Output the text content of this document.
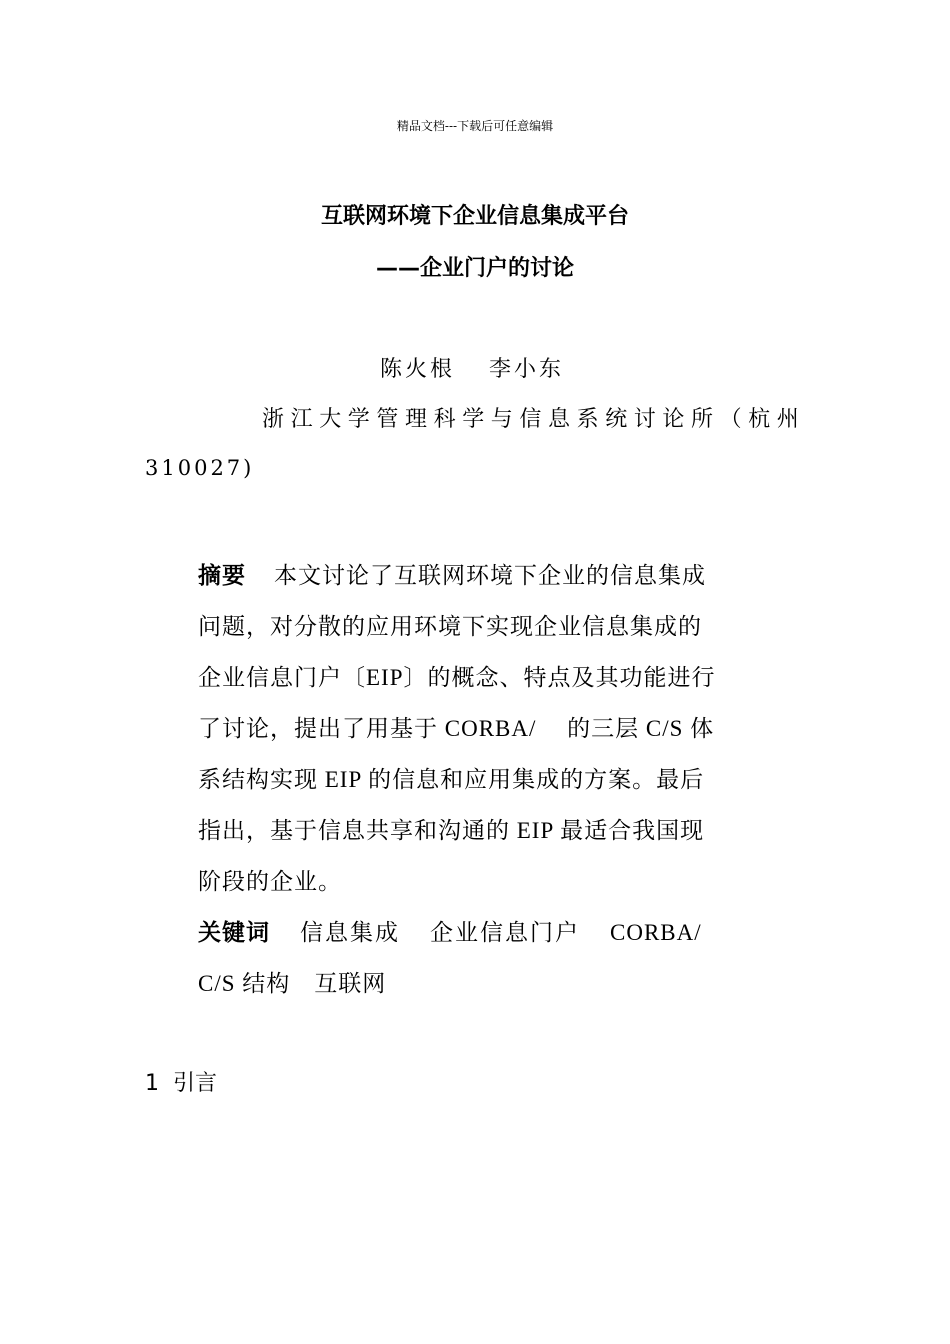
精品文档---下载后可任意编辑
互联网环境下企业信息集成平台
——企业门户的讨论
陈火根 李小东
浙江大学管理科学与信息系统讨论所（杭州
310027)
摘要 本文讨论了互联网环境下企业的信息集成
问题，对分散的应用环境下实现企业信息集成的
企业信息门户〔EIP〕的概念、特点及其功能进行
了讨论，提出了用基于 CORBA/　 的三层 C/S 体
系结构实现 EIP 的信息和应用集成的方案。最后
指出，基于信息共享和沟通的 EIP 最适合我国现
阶段的企业。
关键词 信息集成 企业信息门户 CORBA/
C/S 结构 互联网
1 引言
